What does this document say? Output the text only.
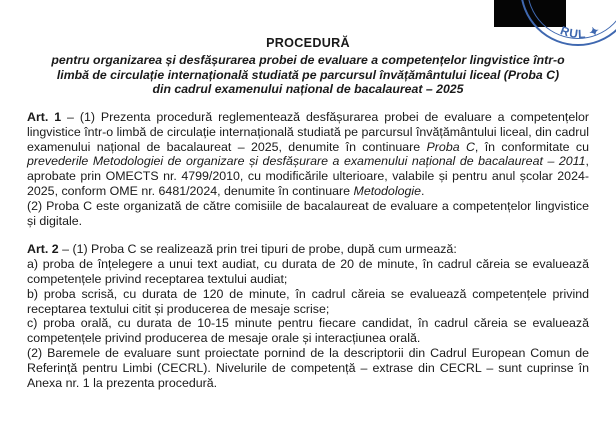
RUL ✦
PROCEDURĂ
pentru organizarea și desfășurarea probei de evaluare a competențelor lingvistice într-o
limbă de circulație internațională studiată pe parcursul învățământului liceal (Proba C)
din cadrul examenului național de bacalaureat – 2025

Art. 1 – (1) Prezenta procedură reglementează desfășurarea probei de evaluare a competențelor lingvistice într-o limbă de circulație internațională studiată pe parcursul învățământului liceal, din cadrul examenului național de bacalaureat – 2025, denumite în continuare Proba C, în conformitate cu prevederile Metodologiei de organizare și desfășurare a examenului național de bacalaureat – 2011, aprobate prin OMECTS nr. 4799/2010, cu modificările ulterioare, valabile și pentru anul școlar 2024-2025, conform OME nr. 6481/2024, denumite în continuare Metodologie.

(2) Proba C este organizată de către comisiile de bacalaureat de evaluare a competențelor lingvistice și digitale.

Art. 2 – (1) Proba C se realizează prin trei tipuri de probe, după cum urmează:

a) proba de înțelegere a unui text audiat, cu durata de 20 de minute, în cadrul căreia se evaluează competențele privind receptarea textului audiat;

b) proba scrisă, cu durata de 120 de minute, în cadrul căreia se evaluează competențele privind receptarea textului citit și producerea de mesaje scrise;

c) proba orală, cu durata de 10-15 minute pentru fiecare candidat, în cadrul căreia se evaluează competențele privind producerea de mesaje orale și interacțiunea orală.

(2) Baremele de evaluare sunt proiectate pornind de la descriptorii din Cadrul European Comun de Referință pentru Limbi (CECRL). Nivelurile de competență – extrase din CECRL – sunt cuprinse în Anexa nr. 1 la prezenta procedură.
